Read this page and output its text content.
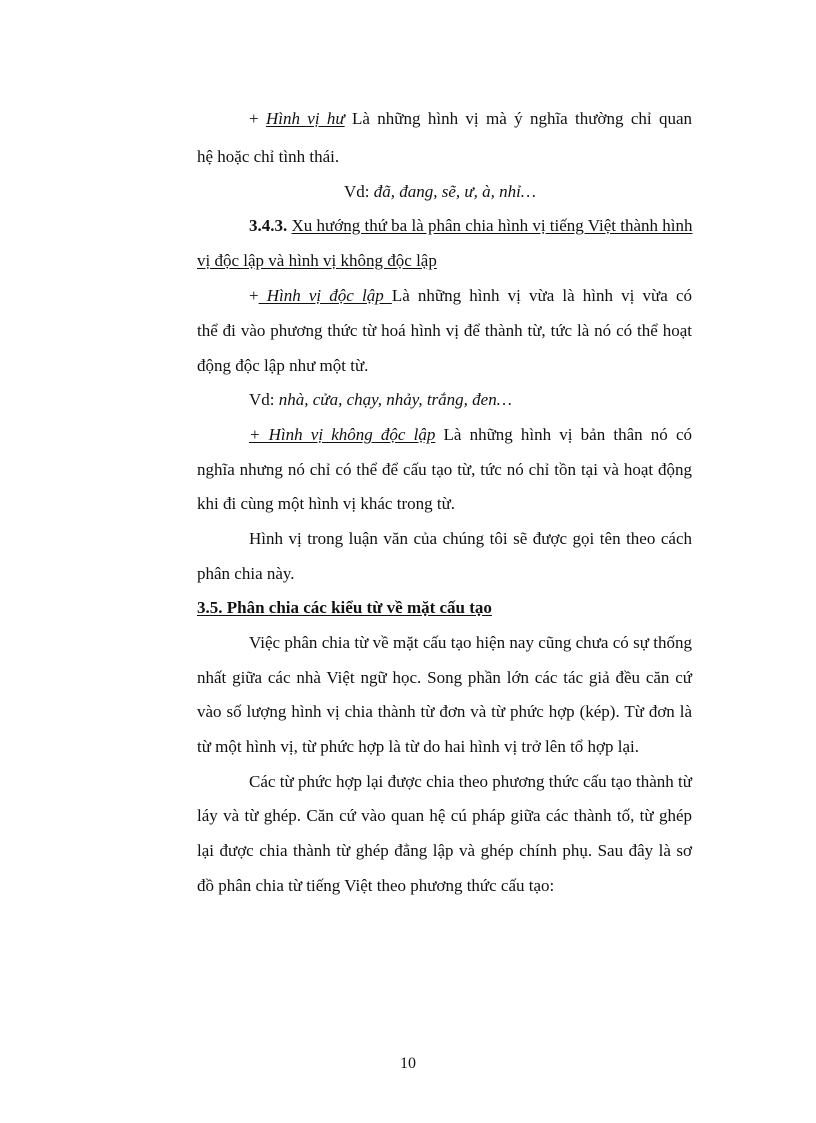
+ Hình vị hư Là những hình vị mà ý nghĩa thường chỉ quan
hệ hoặc chỉ tình thái.
Vd: đã, đang, sẽ, ư, à, nhỉ…
3.4.3. Xu hướng thứ ba là phân chia hình vị tiếng Việt thành hình
vị độc lập và hình vị không độc lập
+ Hình vị độc lập Là những hình vị vừa là hình vị vừa có
thể đi vào phương thức từ hoá hình vị để thành từ, tức là nó có thể hoạt
động độc lập như một từ.
Vd: nhà, cửa, chạy, nhảy, trắng, đen…
+ Hình vị không độc lập Là những hình vị bản thân nó có
nghĩa nhưng nó chỉ có thể để cấu tạo từ, tức nó chỉ tồn tại và hoạt động
khi đi cùng một hình vị khác trong từ.
Hình vị trong luận văn của chúng tôi sẽ được gọi tên theo cách
phân chia này.
3.5. Phân chia các kiểu từ về mặt cấu tạo
Việc phân chia từ về mặt cấu tạo hiện nay cũng chưa có sự thống
nhất giữa các nhà Việt ngữ học. Song phần lớn các tác giả đều căn cứ
vào số lượng hình vị chia thành từ đơn và từ phức hợp (kép). Từ đơn là
từ một hình vị, từ phức hợp là từ do hai hình vị trở lên tổ hợp lại.
Các từ phức hợp lại được chia theo phương thức cấu tạo thành từ
láy và từ ghép. Căn cứ vào quan hệ cú pháp giữa các thành tố, từ ghép
lại được chia thành từ ghép đẳng lập và ghép chính phụ. Sau đây là sơ
đồ phân chia từ tiếng Việt theo phương thức cấu tạo:
10
